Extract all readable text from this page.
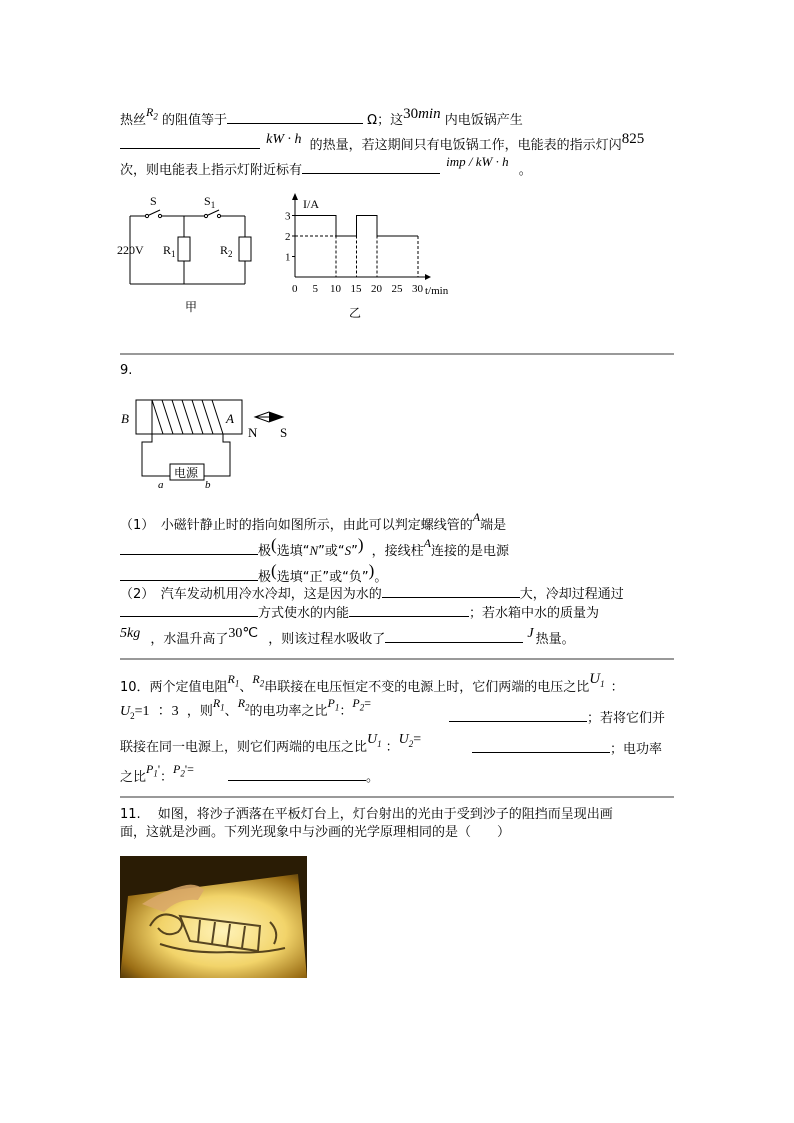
热丝$R_2$ 的阻值等于	Ω；这30min 内电饭锅产生
kW · h 的热量，若这期间只有电饭锅工作，电能表的指示灯闪825
次，则电能表上指示灯附近标有 imp / kW · h 。
S	$S_1$
220V $R_1$	$R_2$
甲
0 5 10 15 20 25 30
1
2
3
I/A
t/min
乙
9.
B	A
N S
电源
a	b
（1）　小磁针静止时的指向如图所示，由此可以判定螺线管的A端是
极(选填“N”或“S”) ，接线柱A连接的是电源
极(选填“正”或“负”)。
（2）　汽车发动机用冷水冷却，这是因为水的	大，冷却过程通过
方式使水的内能	；若水箱中水的质量为
5kg ，水温升高了30℃ ，则该过程水吸收了	J 热量。
10．两个定值电阻$R_1$、$R_2$串联接在电压恒定不变的电源上时，它们两端的电压之比$U_1$ ：
$U_2=1$ ：3 ，则$R_1$、$R_2$的电功率之比$P_1$：$P_2=$
；若将它们并
联接在同一电源上，则它们两端的电压之比$U_1$ ：$U_2=$
；电功率
之比$P_1'$：$P_2'=$ 。
11.　 如图，将沙子洒落在平板灯台上，灯台射出的光由于受到沙子的阻挡而呈现出画
面，这就是沙画。下列光现象中与沙画的光学原理相同的是（　　）
